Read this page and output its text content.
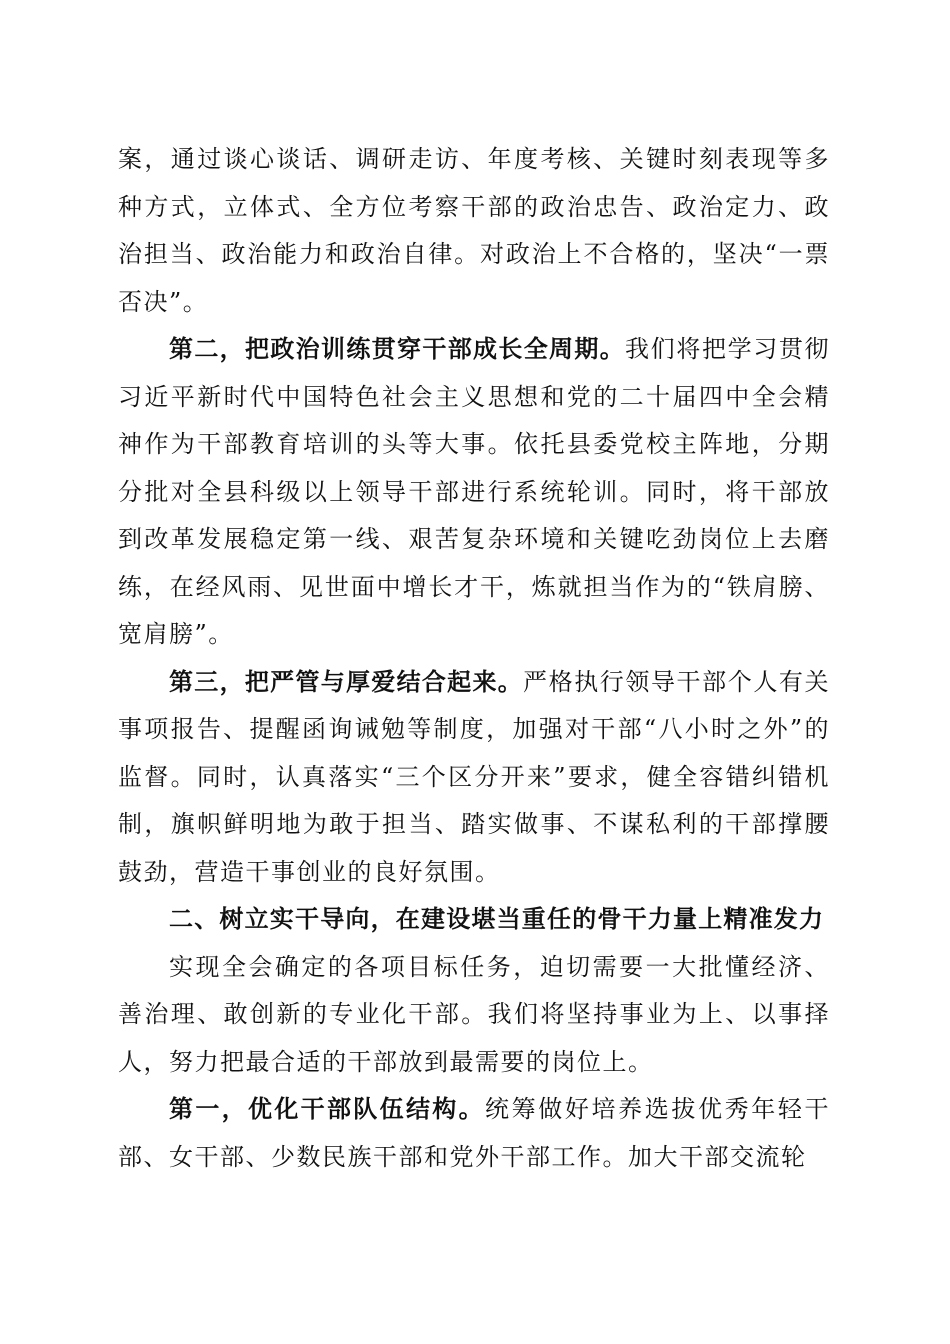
案，通过谈心谈话、调研走访、年度考核、关键时刻表现等多种方式，立体式、全方位考察干部的政治忠告、政治定力、政治担当、政治能力和政治自律。对政治上不合格的，坚决“一票否决”。

第二，把政治训练贯穿干部成长全周期。我们将把学习贯彻习近平新时代中国特色社会主义思想和党的二十届四中全会精神作为干部教育培训的头等大事。依托县委党校主阵地，分期分批对全县科级以上领导干部进行系统轮训。同时，将干部放到改革发展稳定第一线、艰苦复杂环境和关键吃劲岗位上去磨练，在经风雨、见世面中增长才干，炼就担当作为的“铁肩膀、宽肩膀”。

第三，把严管与厚爱结合起来。严格执行领导干部个人有关事项报告、提醒函询诫勉等制度，加强对干部“八小时之外”的监督。同时，认真落实“三个区分开来”要求，健全容错纠错机制，旗帜鲜明地为敢于担当、踏实做事、不谋私利的干部撑腰鼓劲，营造干事创业的良好氛围。

二、树立实干导向，在建设堪当重任的骨干力量上精准发力

实现全会确定的各项目标任务，迫切需要一大批懂经济、善治理、敢创新的专业化干部。我们将坚持事业为上、以事择人，努力把最合适的干部放到最需要的岗位上。

第一，优化干部队伍结构。统筹做好培养选拔优秀年轻干部、女干部、少数民族干部和党外干部工作。加大干部交流轮
